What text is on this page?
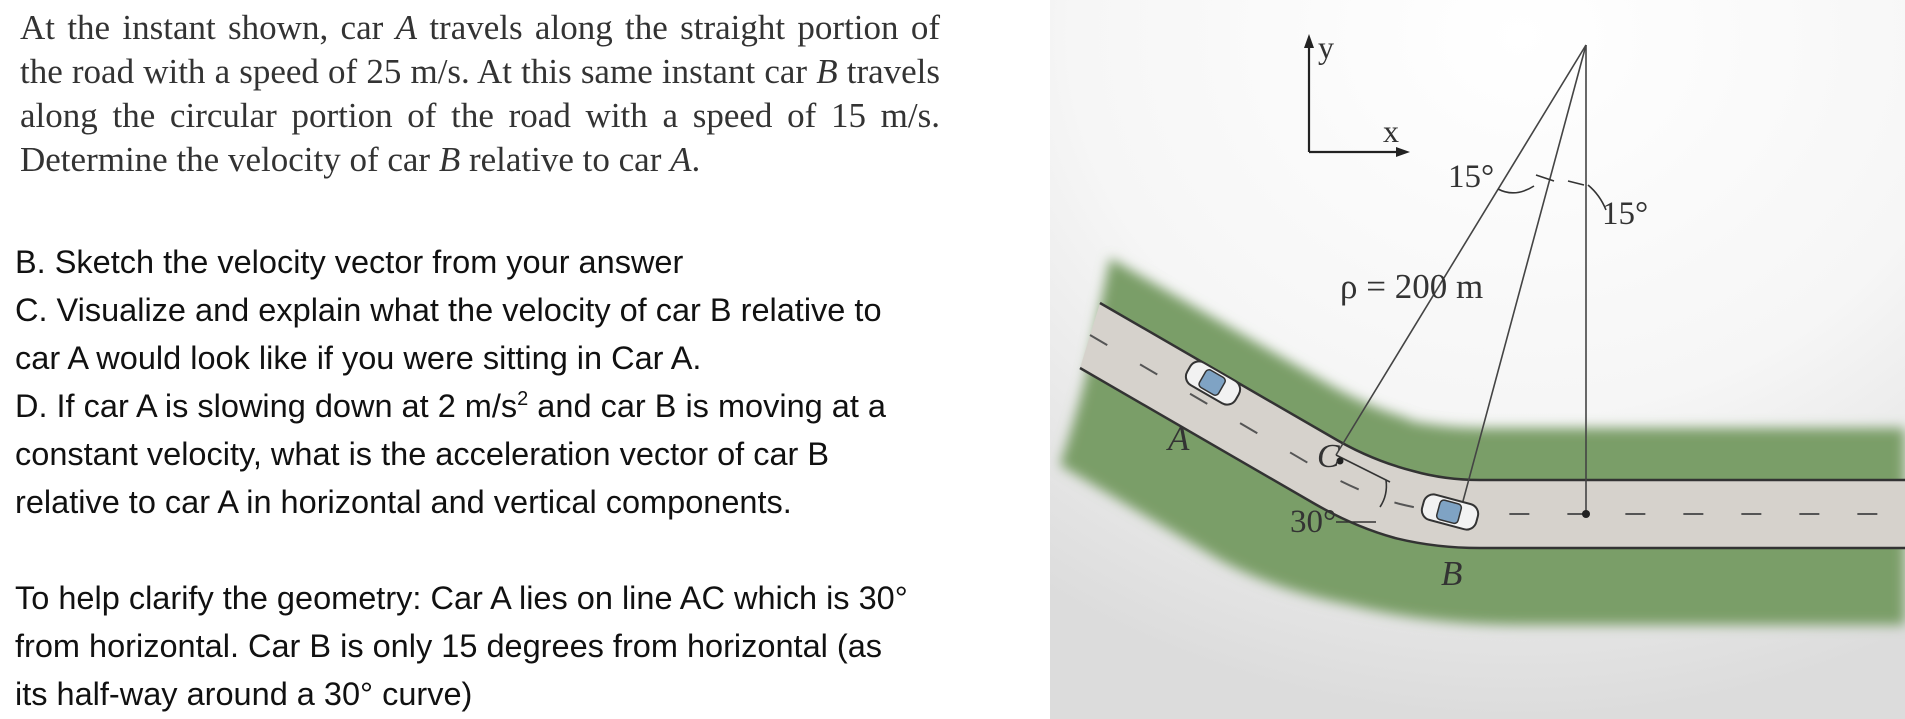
At the instant shown, car A travels along the straight portion of the road with a speed of 25 m/s. At this same instant car B travels along the circular portion of the road with a speed of 15 m/s. Determine the velocity of car B relative to car A.
B. Sketch the velocity vector from your answer
C. Visualize and explain what the velocity of car B relative to
car A would look like if you were sitting in Car A.
D. If car A is slowing down at 2 $m/s^2$ and car B is moving at a
constant velocity, what is the acceleration vector of car B
relative to car A in horizontal and vertical components.
To help clarify the geometry: Car A lies on line AC which is 30°
from horizontal. Car B is only 15 degrees from horizontal (as
its half-way around a 30° curve)
y
x
15°
15°
ρ = 200 m
A	C
30°
B
